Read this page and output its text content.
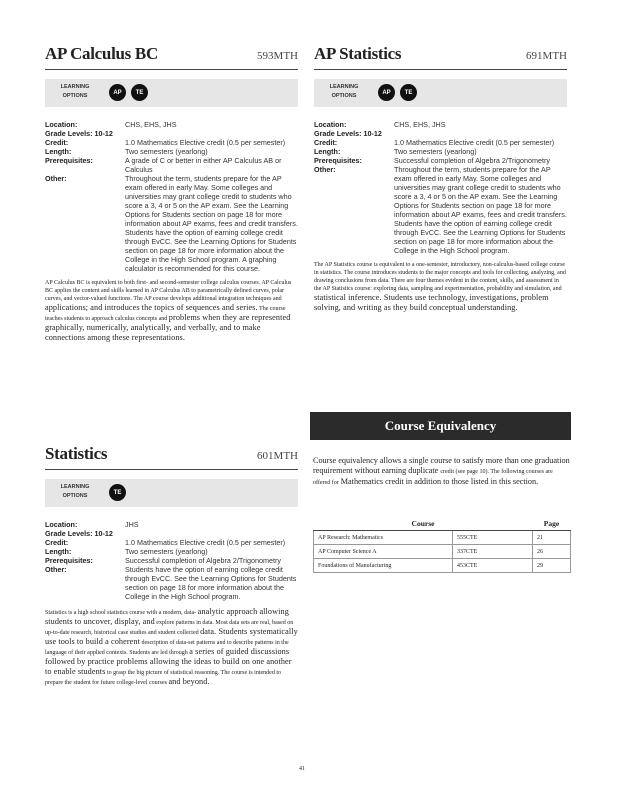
AP Calculus BC	593MTH
LEARNING OPTIONS
AP	TE
Location:	CHS, EHS, JHS
Grade Levels: 10-12
Credit:	1.0 Mathematics Elective credit (0.5 per semester)
Length:	Two semesters (yearlong)
Prerequisites:	A grade of C or better in either AP Calculus AB or Calculus
Other:	Throughout the term, students prepare for the AP exam offered in early May. Some colleges and universities may grant college credit to students who score a 3, 4 or 5 on the AP exam. See the Learning Options for Students section on page 18 for more information about AP exams, fees and credit transfers. Students have the option of earning college credit through EvCC. See the Learning Options for Students section on page 18 for more information about the College in the High School program. A graphing calculator is recommended for this course.
AP Calculus BC is equivalent to both first- and second-semester college calculus courses. AP Calculus BC applies the content and skills learned in AP Calculus AB to parametrically defined curves, polar curves, and vector-valued functions. The AP course develops additional integration techniques and applications; and introduces the topics of sequences and series. The course teaches students to approach calculus concepts and problems when they are represented graphically, numerically, analytically, and verbally, and to make connections among these representations.
Statistics	601MTH
LEARNING OPTIONS
TE
Location:	JHS
Grade Levels: 10-12
Credit:	1.0 Mathematics Elective credit (0.5 per semester)
Length:	Two semesters (yearlong)
Prerequisites:	Successful completion of Algebra 2/Trigonometry
Other:	Students have the option of earning college credit through EvCC. See the Learning Options for Students section on page 18 for more information about the College in the High School program.
Statistics is a high school statistics course with a modern, data- analytic approach allowing students to uncover, display, and explore patterns in data. Most data sets are real, based on up-to-date research, historical case studies and student collected data. Students systematically use tools to build a coherent description of data-set patterns and to describe patterns in the language of their applied contexts. Students are led through a series of guided discussions followed by practice problems allowing the ideas to build on one another to enable students to grasp the big picture of statistical reasoning. The course is intended to prepare the student for future college-level courses and beyond.
AP Statistics	691MTH
LEARNING OPTIONS
AP	TE
Location:	CHS, EHS, JHS
Grade Levels: 10-12
Credit:	1.0 Mathematics Elective credit (0.5 per semester)
Length:	Two semesters (yearlong)
Prerequisites:	Successful completion of Algebra 2/Trigonometry
Other:	Throughout the term, students prepare for the AP exam offered in early May. Some colleges and universities may grant college credit to students who score a 3, 4 or 5 on the AP exam. See the Learning Options for Students section on page 18 for more information about AP exams, fees and credit transfers. Students have the option of earning college credit through EvCC. See the Learning Options for Students section on page 18 for more information about the College in the High School program.
The AP Statistics course is equivalent to a one-semester, introductory, non-calculus-based college course in statistics. The course introduces students to the major concepts and tools for collecting, analyzing, and drawing conclusions from data. There are four themes evident in the content, skills, and assessment in the AP Statistics course: exploring data, sampling and experimentation, probability and simulation, and statistical inference. Students use technology, investigations, problem solving, and writing as they build conceptual understanding.
Course Equivalency
Course equivalency allows a single course to satisfy more than one graduation requirement without earning duplicate credit (see page 10). The following courses are offered for Mathematics credit in addition to those listed in this section.
Course		Page
AP Research: Mathematics	555CTE	21
AP Computer Science A	337CTE	26
Foundations of Manufacturing	453CTE	29
41
